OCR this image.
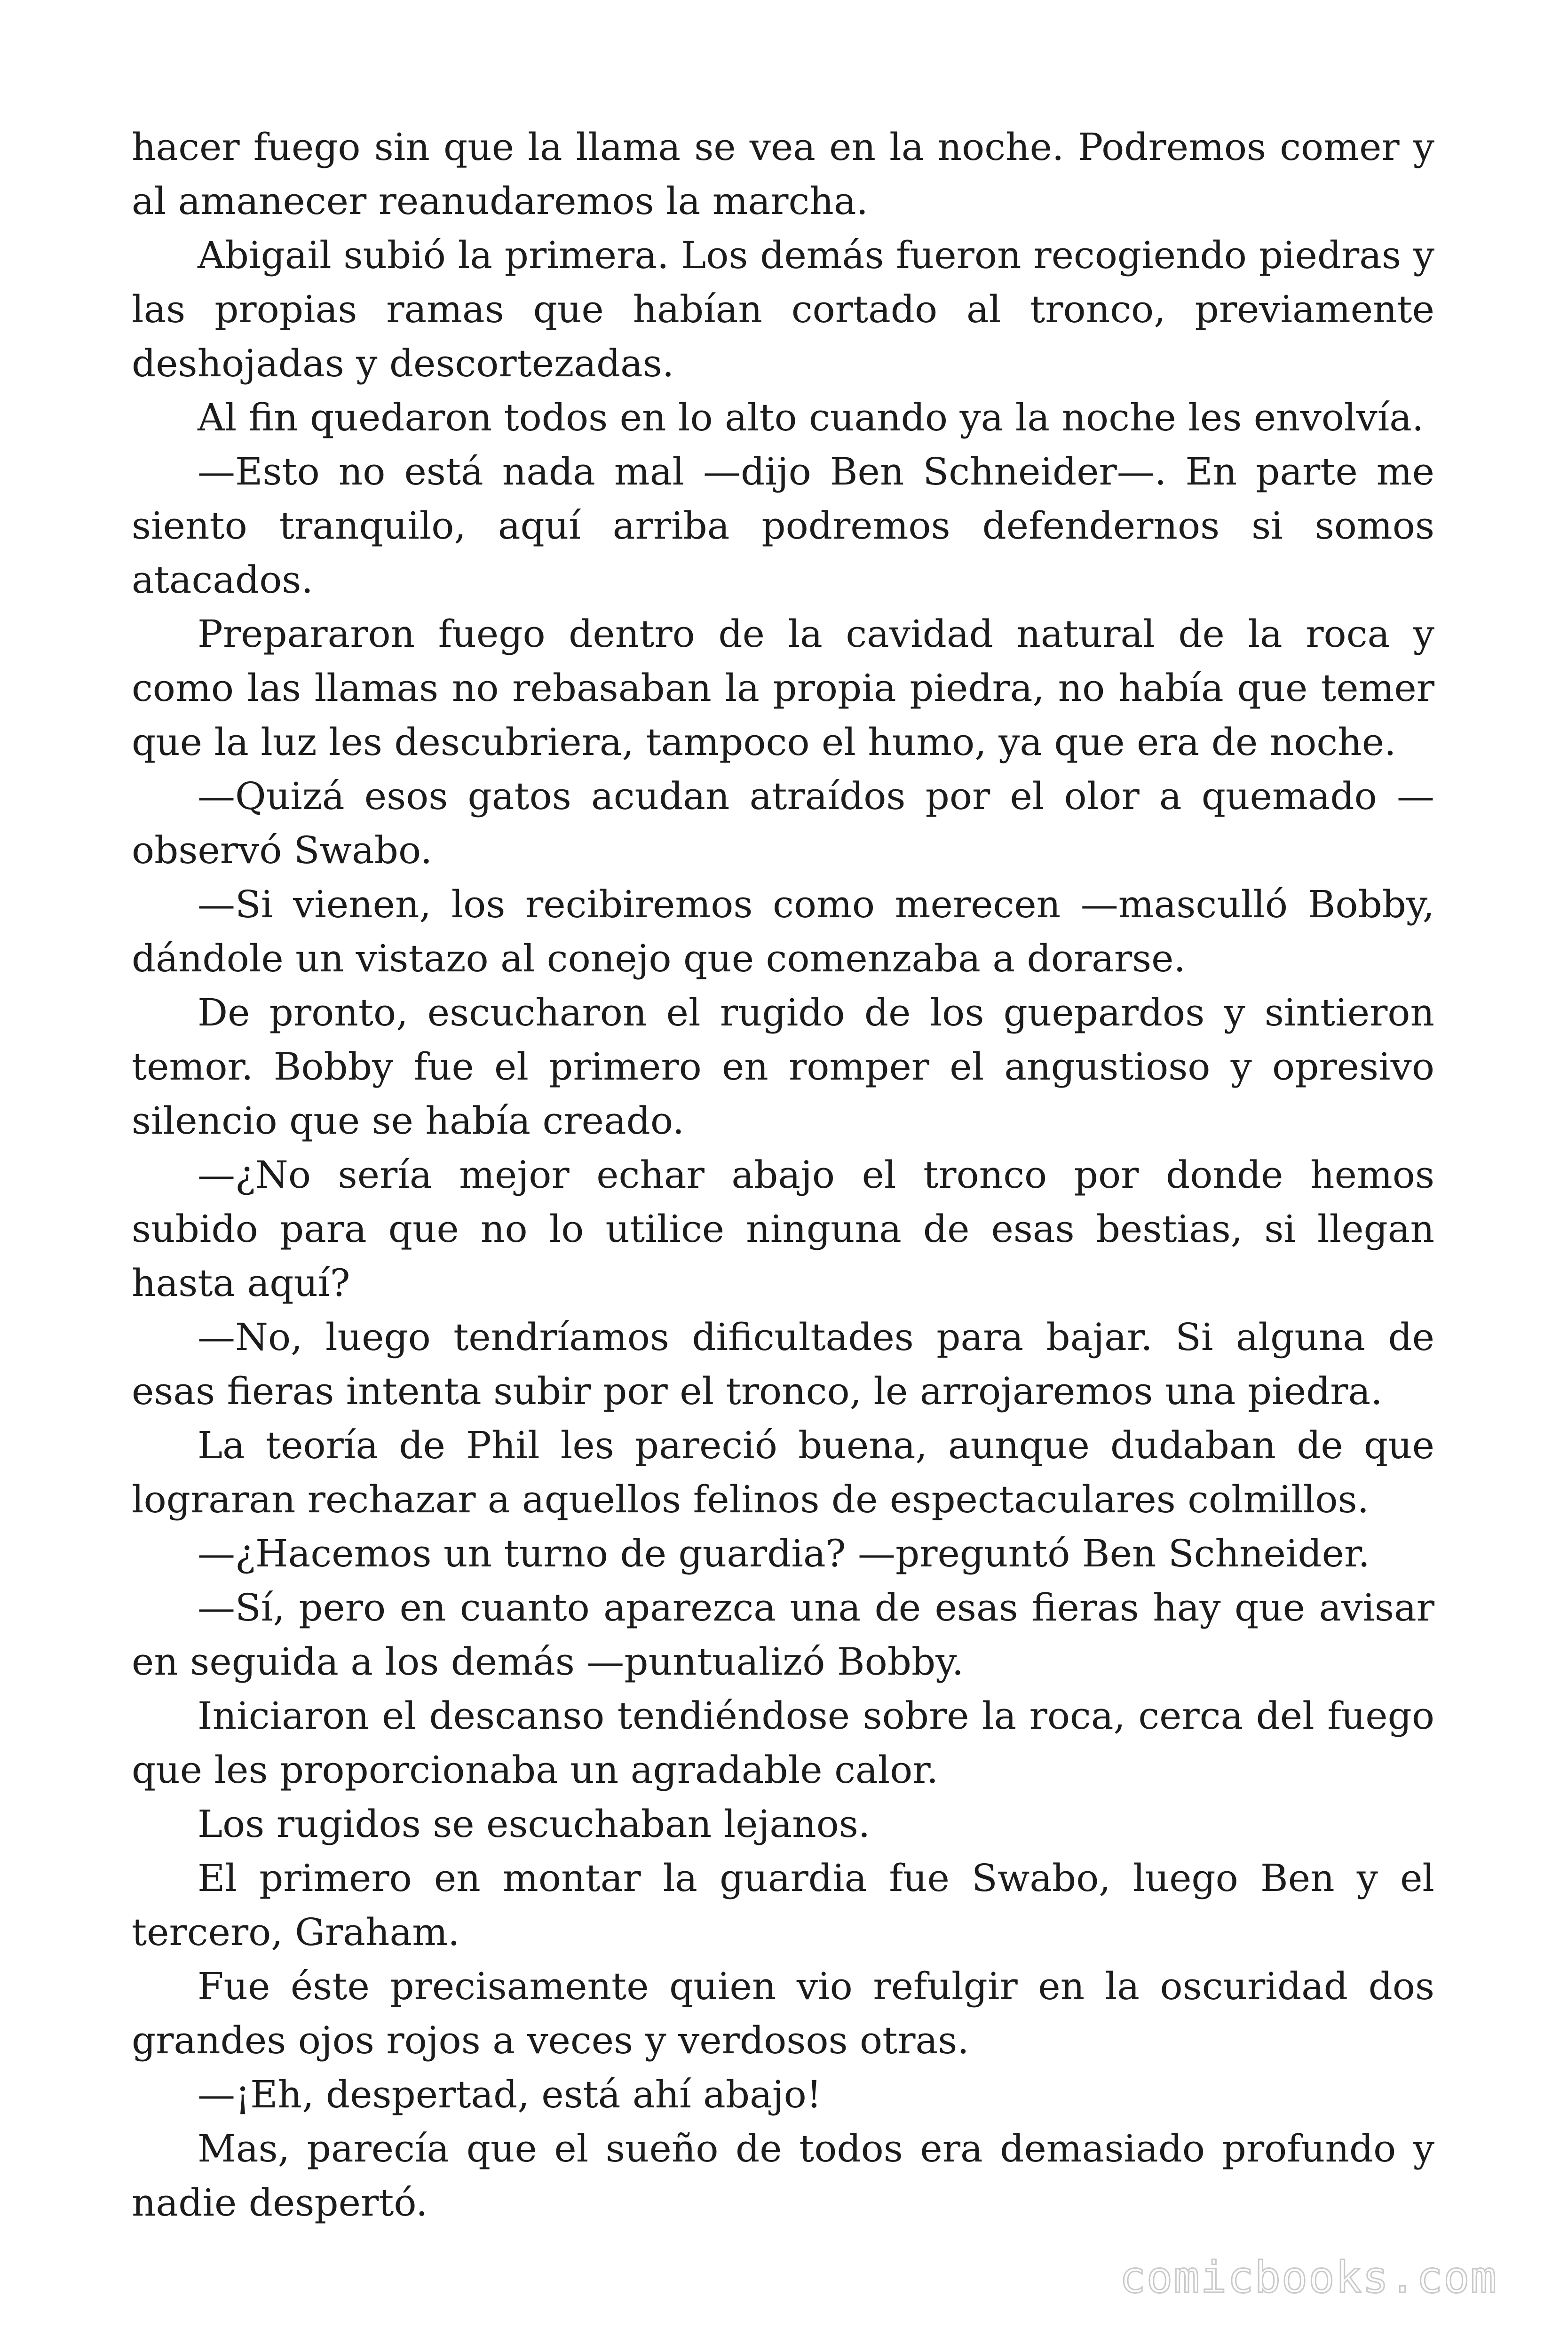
hacer fuego sin que la llama se vea en la noche. Podremos comer y al amanecer reanudaremos la marcha.

Abigail subió la primera. Los demás fueron recogiendo piedras y las propias ramas que habían cortado al tronco, previamente deshojadas y descortezadas.

Al fin quedaron todos en lo alto cuando ya la noche les envolvía.

—Esto no está nada mal —dijo Ben Schneider—. En parte me siento tranquilo, aquí arriba podremos defendernos si somos atacados.

Prepararon fuego dentro de la cavidad natural de la roca y como las llamas no rebasaban la propia piedra, no había que temer que la luz les descubriera, tampoco el humo, ya que era de noche.

—Quizá esos gatos acudan atraídos por el olor a quemado — observó Swabo.

—Si vienen, los recibiremos como merecen —masculló Bobby, dándole un vistazo al conejo que comenzaba a dorarse.

De pronto, escucharon el rugido de los guepardos y sintieron temor. Bobby fue el primero en romper el angustioso y opresivo silencio que se había creado.

—¿No sería mejor echar abajo el tronco por donde hemos subido para que no lo utilice ninguna de esas bestias, si llegan hasta aquí?

—No, luego tendríamos dificultades para bajar. Si alguna de esas fieras intenta subir por el tronco, le arrojaremos una piedra.

La teoría de Phil les pareció buena, aunque dudaban de que lograran rechazar a aquellos felinos de espectaculares colmillos.

—¿Hacemos un turno de guardia? —preguntó Ben Schneider.

—Sí, pero en cuanto aparezca una de esas fieras hay que avisar en seguida a los demás —puntualizó Bobby.

Iniciaron el descanso tendiéndose sobre la roca, cerca del fuego que les proporcionaba un agradable calor.

Los rugidos se escuchaban lejanos.

El primero en montar la guardia fue Swabo, luego Ben y el tercero, Graham.

Fue éste precisamente quien vio refulgir en la oscuridad dos grandes ojos rojos a veces y verdosos otras.

—¡Eh, despertad, está ahí abajo!

Mas, parecía que el sueño de todos era demasiado profundo y nadie despertó.

comicbooks.com
